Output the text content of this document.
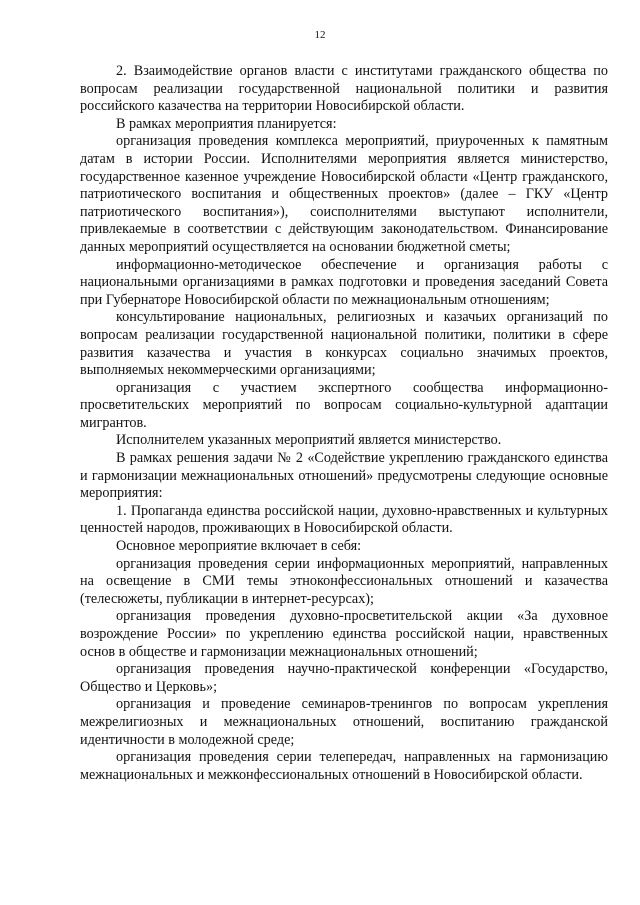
12

2. Взаимодействие органов власти с институтами гражданского общества по вопросам реализации государственной национальной политики и развития российского казачества на территории Новосибирской области.

В рамках мероприятия планируется:

организация проведения комплекса мероприятий, приуроченных к памятным датам в истории России. Исполнителями мероприятия является министерство, государственное казенное учреждение Новосибирской области «Центр гражданского, патриотического воспитания и общественных проектов» (далее – ГКУ «Центр патриотического воспитания»), соисполнителями выступают исполнители, привлекаемые в соответствии с действующим законодательством. Финансирование данных мероприятий осуществляется на основании бюджетной сметы;

информационно-методическое обеспечение и организация работы с национальными организациями в рамках подготовки и проведения заседаний Совета при Губернаторе Новосибирской области по межнациональным отношениям;

консультирование национальных, религиозных и казачьих организаций по вопросам реализации государственной национальной политики, политики в сфере развития казачества и участия в конкурсах социально значимых проектов, выполняемых некоммерческими организациями;

организация с участием экспертного сообщества информационно-просветительских мероприятий по вопросам социально-культурной адаптации мигрантов.

Исполнителем указанных мероприятий является министерство.

В рамках решения задачи № 2 «Содействие укреплению гражданского единства и гармонизации межнациональных отношений» предусмотрены следующие основные мероприятия:

1. Пропаганда единства российской нации, духовно-нравственных и культурных ценностей народов, проживающих в Новосибирской области.

Основное мероприятие включает в себя:

организация проведения серии информационных мероприятий, направленных на освещение в СМИ темы этноконфессиональных отношений и казачества (телесюжеты, публикации в интернет-ресурсах);

организация проведения духовно-просветительской акции «За духовное возрождение России» по укреплению единства российской нации, нравственных основ в обществе и гармонизации межнациональных отношений;

организация проведения научно-практической конференции «Государство, Общество и Церковь»;

организация и проведение семинаров-тренингов по вопросам укрепления межрелигиозных и межнациональных отношений, воспитанию гражданской идентичности в молодежной среде;

организация проведения серии телепередач, направленных на гармонизацию межнациональных и межконфессиональных отношений в Новосибирской области.
